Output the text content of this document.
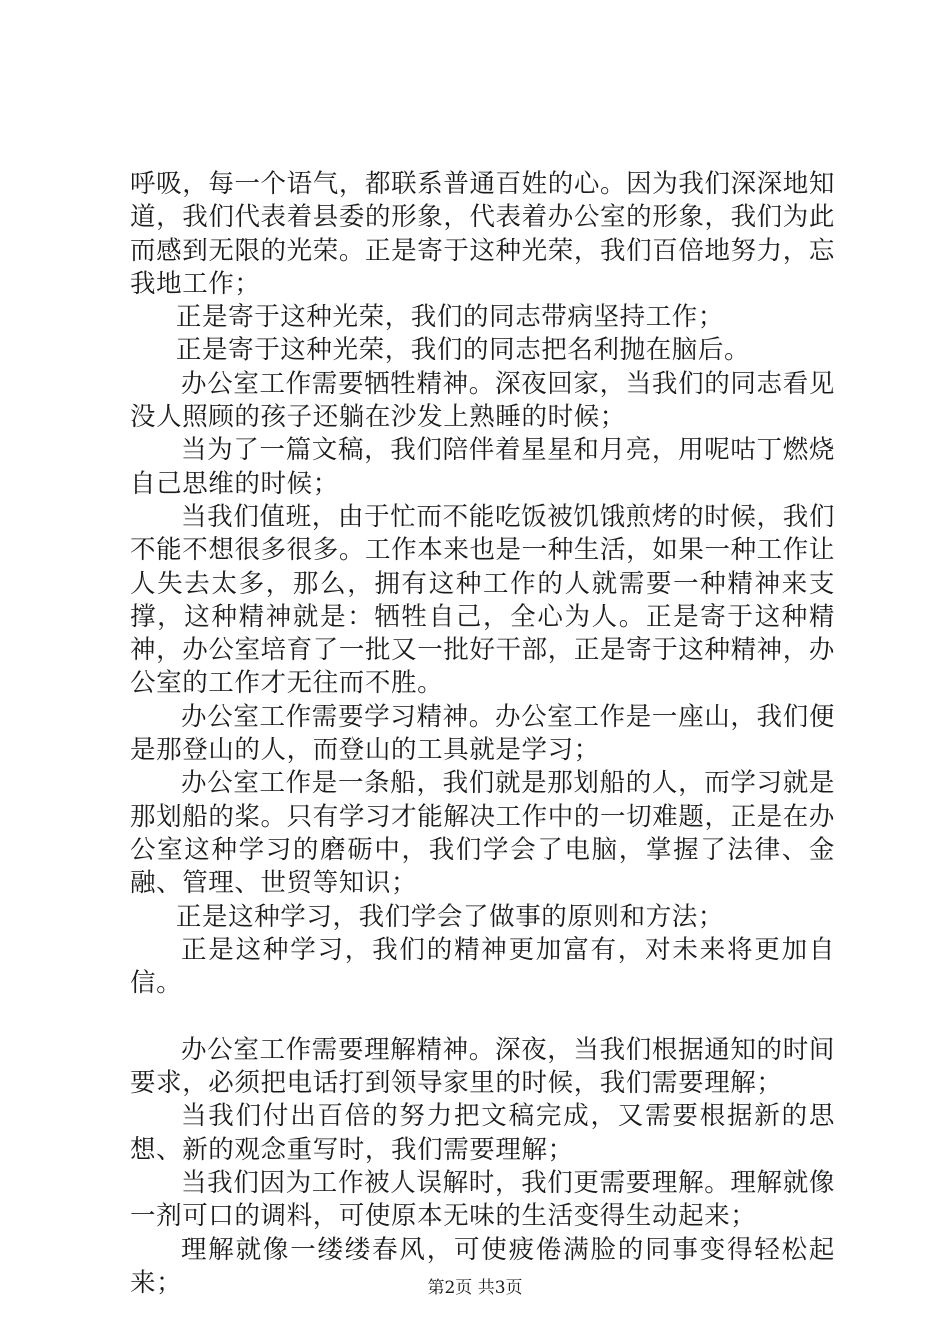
呼吸，每一个语气，都联系普通百姓的心。因为我们深深地知道，我们代表着县委的形象，代表着办公室的形象，我们为此而感到无限的光荣。正是寄于这种光荣，我们百倍地努力，忘我地工作；

正是寄于这种光荣，我们的同志带病坚持工作；

正是寄于这种光荣，我们的同志把名利抛在脑后。

办公室工作需要牺牲精神。深夜回家，当我们的同志看见没人照顾的孩子还躺在沙发上熟睡的时候；

当为了一篇文稿，我们陪伴着星星和月亮，用呢咕丁燃烧自己思维的时候；

当我们值班，由于忙而不能吃饭被饥饿煎烤的时候，我们不能不想很多很多。工作本来也是一种生活，如果一种工作让人失去太多，那么，拥有这种工作的人就需要一种精神来支撑，这种精神就是：牺牲自己，全心为人。正是寄于这种精神，办公室培育了一批又一批好干部，正是寄于这种精神，办公室的工作才无往而不胜。

办公室工作需要学习精神。办公室工作是一座山，我们便是那登山的人，而登山的工具就是学习；

办公室工作是一条船，我们就是那划船的人，而学习就是那划船的桨。只有学习才能解决工作中的一切难题，正是在办公室这种学习的磨砺中，我们学会了电脑，掌握了法律、金融、管理、世贸等知识；

正是这种学习，我们学会了做事的原则和方法；

正是这种学习，我们的精神更加富有，对未来将更加自信。

办公室工作需要理解精神。深夜，当我们根据通知的时间要求，必须把电话打到领导家里的时候，我们需要理解；

当我们付出百倍的努力把文稿完成，又需要根据新的思想、新的观念重写时，我们需要理解；

当我们因为工作被人误解时，我们更需要理解。理解就像一剂可口的调料，可使原本无味的生活变得生动起来；

理解就像一缕缕春风，可使疲倦满脸的同事变得轻松起来；	第2页 共3页
